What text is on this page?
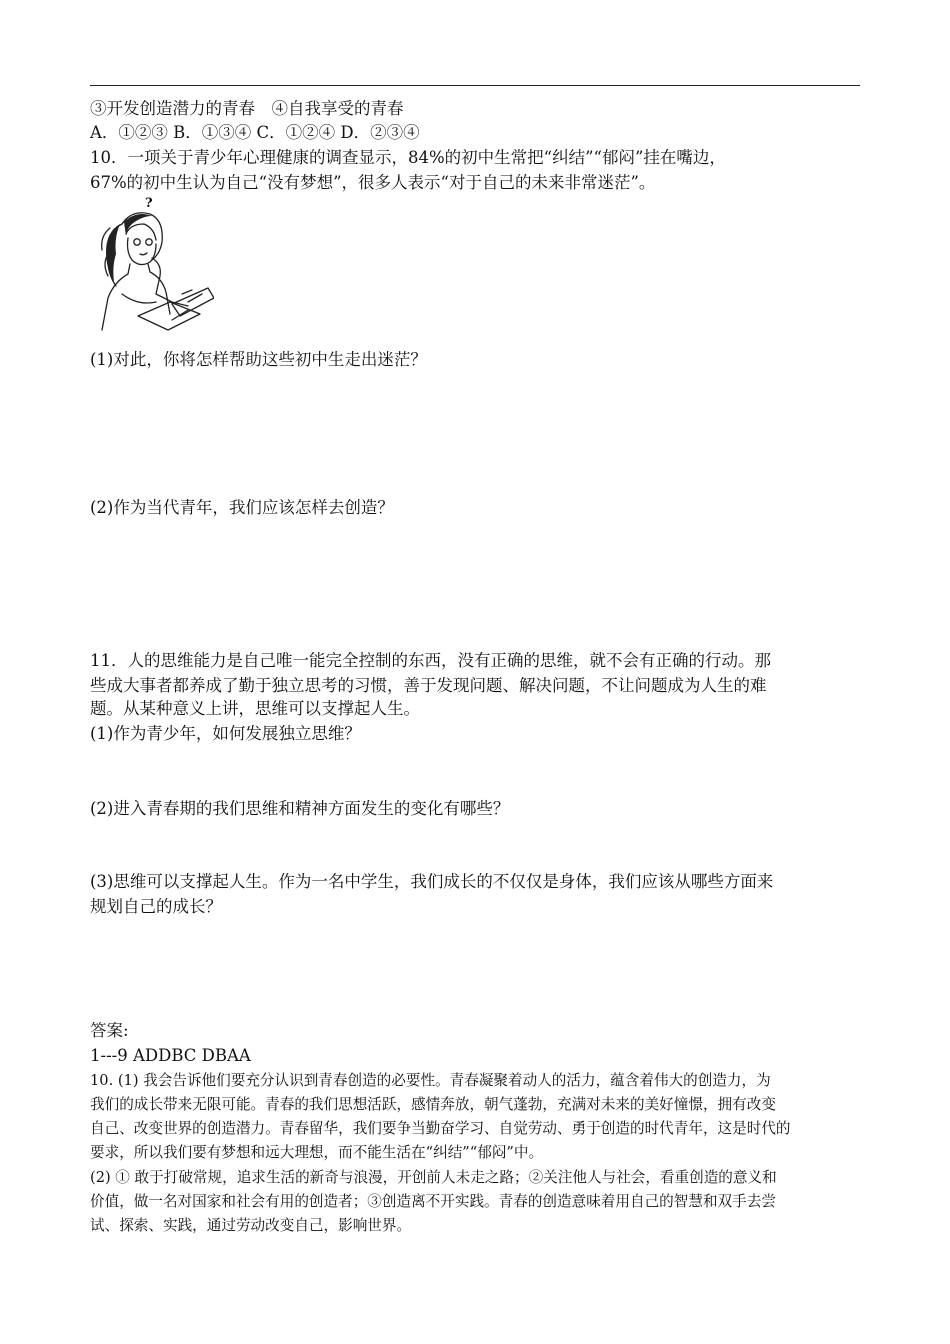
③开发创造潜力的青春　④自我享受的青春
A．①②③ B．①③④ C．①②④ D．②③④
10．一项关于青少年心理健康的调查显示，84%的初中生常把“纠结”“郁闷”挂在嘴边，
67%的初中生认为自己“没有梦想”，很多人表示“对于自己的未来非常迷茫”。
?
(1)对此，你将怎样帮助这些初中生走出迷茫？
(2)作为当代青年，我们应该怎样去创造？
11．人的思维能力是自己唯一能完全控制的东西，没有正确的思维，就不会有正确的行动。那
些成大事者都养成了勤于独立思考的习惯，善于发现问题、解决问题，不让问题成为人生的难
题。从某种意义上讲，思维可以支撑起人生。
(1)作为青少年，如何发展独立思维？
(2)进入青春期的我们思维和精神方面发生的变化有哪些？
(3)思维可以支撑起人生。作为一名中学生，我们成长的不仅仅是身体，我们应该从哪些方面来
规划自己的成长？
答案:
1---9 ADDBC DBAA
10. (1) 我会告诉他们要充分认识到青春创造的必要性。青春凝聚着动人的活力，蕴含着伟大的创造力，为
我们的成长带来无限可能。青春的我们思想活跃，感情奔放，朝气蓬勃，充满对未来的美好憧憬，拥有改变
自己、改变世界的创造潜力。青春留华，我们要争当勤奋学习、自觉劳动、勇于创造的时代青年，这是时代的
要求，所以我们要有梦想和远大理想，而不能生活在“纠结”“郁闷”中。
(2) ① 敢于打破常规，追求生活的新奇与浪漫，开创前人未走之路；②关注他人与社会，看重创造的意义和
价值，做一名对国家和社会有用的创造者；③创造离不开实践。青春的创造意味着用自己的智慧和双手去尝
试、探索、实践，通过劳动改变自己，影响世界。
